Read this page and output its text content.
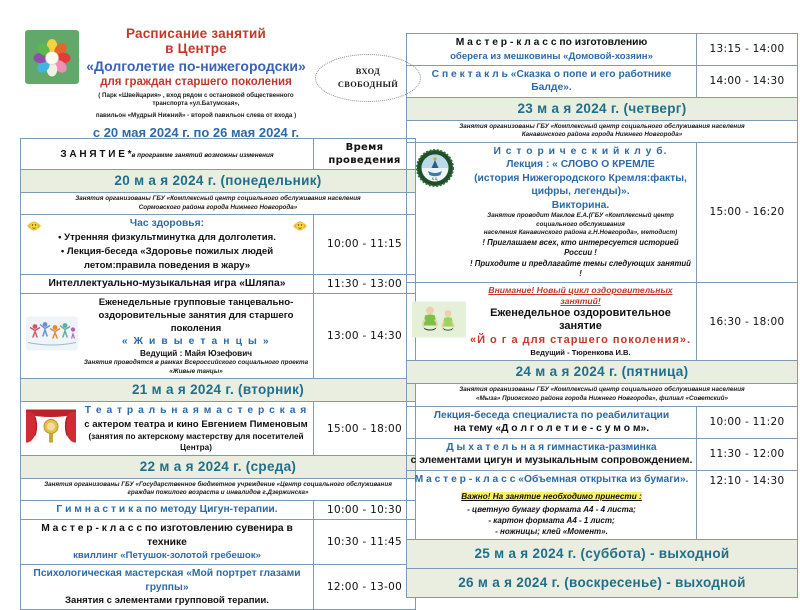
Расписание занятий
в Центре
«Долголетие по-нижегородски»
для граждан старшего поколения
( Парк «Швейцария» , вход рядом с остановкой общественного транспорта «ул.Батумская»,
павильон «Мудрый Нижний» - второй павильон слева от входа )
ВХОД
СВОБОДНЫЙ
с 20 мая 2024 г. по 26 мая 2024 г.
З А Н Я Т И Е *в программе занятий возможны изменения	Время
проведения

20 м а я 2024 г. (понедельник)	

Занятия организованы ГБУ «Комплексный центр социального обслуживания населения
Сормовского района города Нижнего Новгорода»	

Час здоровья:
• Утренняя физкультминутка для долголетия.
• Лекция-беседа «Здоровье пожилых людей
летом:правила поведения в жару»
	10:00 - 11:15

Интеллектуально-музыкальная игра «Шляпа»	11:30 - 13:00

Еженедельные групповые танцевально-
оздоровительные занятия для старшего поколения
« Ж и в ы е т а н ц ы »
Ведущий : Майя Юзефович
Занятия проводятся в рамках Всероссийского социального проекта «Живые танцы»	13:00 - 14:30
21 м а я 2024 г. (вторник)	

Т е а т р а л ь н а я м а с т е р с к а я
с актером театра и кино Евгением Пименовым
(занятия по актерскому мастерству для посетителей Центра)	15:00 - 18:00
22 м а я 2024 г. (среда)	

Занятия организованы ГБУ «Государственное бюджетное учреждение «Центр социального обслуживания
граждан пожилого возраста и инвалидов г.Дзержинска»	

Г и м н а с т и к а по методу Цигун-терапии.	10:00 - 10:30

М а с т е р - к л а с с по изготовлению сувенира в технике
квиллинг «Петушок-золотой гребешок»	10:30 - 11:45

Психологическая мастерская «Мой портрет глазами группы»
Занятия с элементами групповой терапии.	12:00 - 13-00
М а с т е р - к л а с с по изготовлению
оберега из мешковины «Домовой-хозяин»	13:15 - 14:00

С п е к т а к л ь «Сказка о попе и его работнике Балде».	14:00 - 14:30
23 м а я 2024 г. (четверг)	

Занятия организованы ГБУ «Комплексный центр социального обслуживания населения
Канавинского района города Нижнего Новгорода»	

К.Ц.
И с т о р и ч е с к и й к л у б.
Лекция : « СЛОВО О КРЕМЛЕ
(история Нижегородского Кремля:факты, цифры, легенды)».
Викторина.
Занятие проводит Маклов Е.А.(ГБУ «Комплексный центр социального обслуживания
населения Канавинского района г.Н.Новгорода», методист)
! Приглашаем всех, кто интересуется историей России !
! Приходите и предлагайте темы следующих занятий !
	15:00 - 16:20

Внимание! Новый цикл оздоровительных занятий!
Еженедельное оздоровительное занятие
«Й о г а для старшего поколения».
Ведущий - Тюренкова И.В.	16:30 - 18:00
24 м а я 2024 г. (пятница)	

Занятия организованы ГБУ «Комплексный центр социального обслуживания населения
«Мыза» Приокского района города Нижнего Новгорода», филиал «Советский»	

Лекция-беседа специалиста по реабилитации
на тему «Д о л г о л е т и е - с у м о м».	10:00 - 11:20

Д ы х а т е л ь н а я гимнастика-разминка
с элементами цигун и музыкальным сопровождением.	11:30 - 12:00

М а с т е р - к л а с с «Объемная открытка из бумаги».
Важно! На занятие необходимо принести :
- цветную бумагу формата А4 - 4 листа;
- картон формата А4 - 1 лист;
- ножницы; клей «Момент».	12:10 - 14:30
25 м а я 2024 г. (суббота) - выходной	
26 м а я 2024 г. (воскресенье) - выходной	
